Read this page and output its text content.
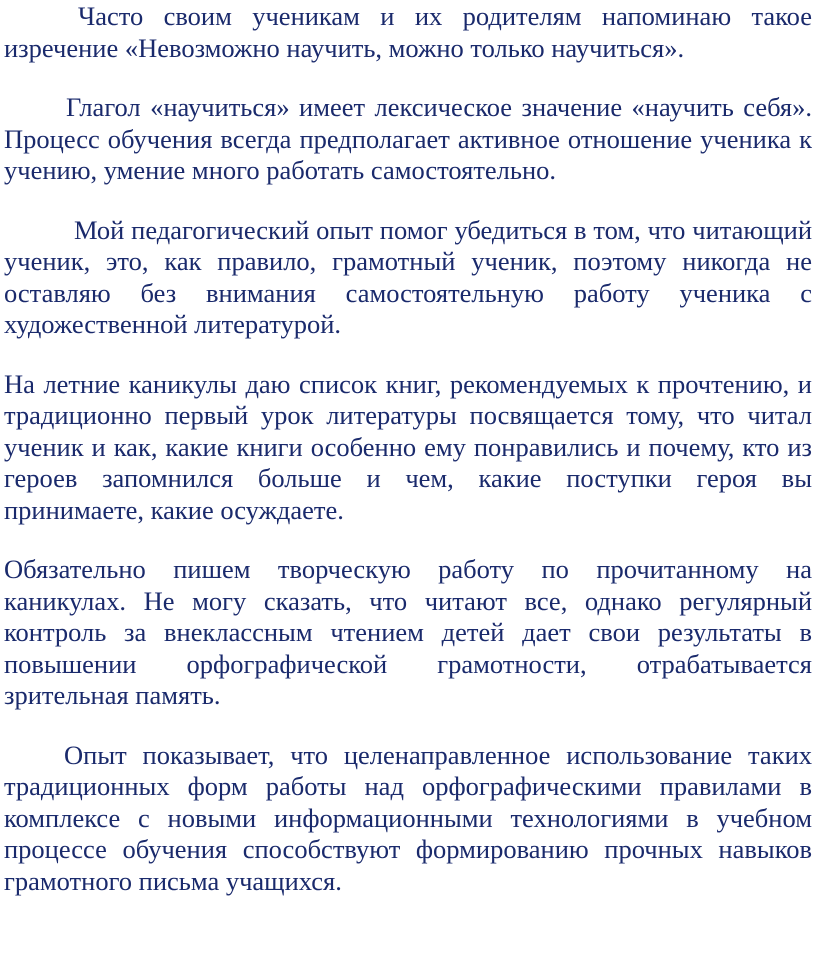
Часто своим ученикам и их родителям напоминаю такое изречение «Невозможно научить, можно только научиться».

Глагол «научиться» имеет лексическое значение «научить себя». Процесс обучения всегда предполагает активное отношение ученика к учению, умение много работать самостоятельно.

Мой педагогический опыт помог убедиться в том, что читающий ученик, это, как правило, грамотный ученик, поэтому никогда не оставляю без внимания самостоятельную работу ученика с художественной литературой.

На летние каникулы даю список книг, рекомендуемых к прочтению, и традиционно первый урок литературы посвящается тому, что читал ученик и как, какие книги особенно ему понравились и почему, кто из героев запомнился больше и чем, какие поступки героя вы принимаете, какие осуждаете.

Обязательно пишем творческую работу по прочитанному на каникулах. Не могу сказать, что читают все, однако регулярный контроль за внеклассным чтением детей дает свои результаты в повышении орфографической грамотности, отрабатывается зрительная память.

Опыт показывает, что целенаправленное использование таких традиционных форм работы над орфографическими правилами в комплексе с новыми информационными технологиями в учебном процессе обучения способствуют формированию прочных навыков грамотного письма учащихся.
